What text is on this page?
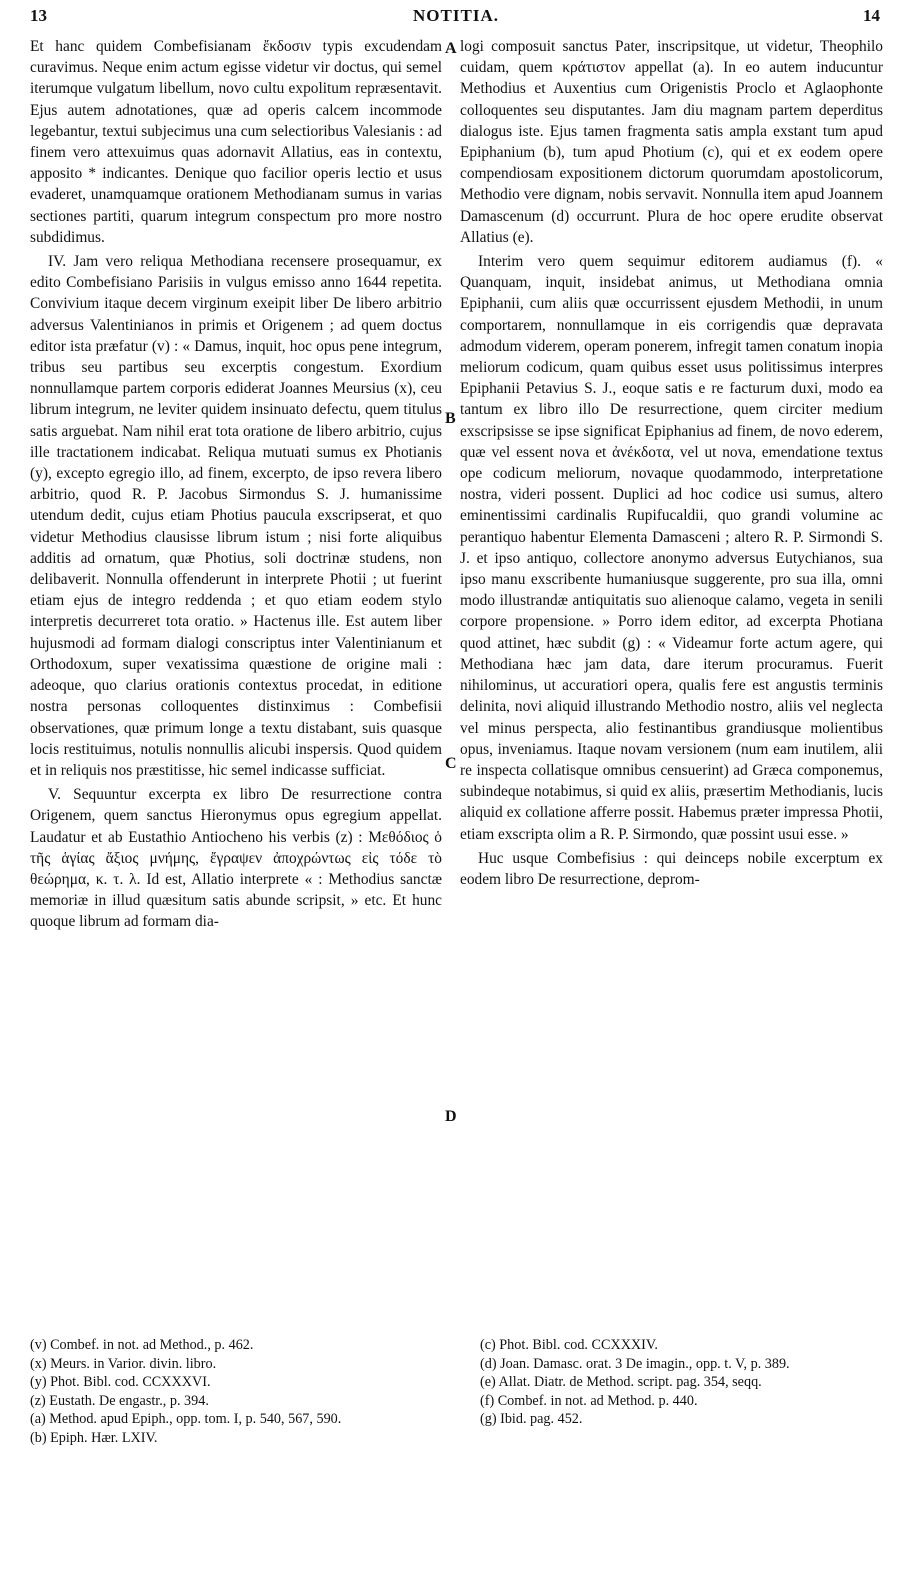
13	NOTITIA.	14

Et hanc quidem Combefisianam ἔκδοσιν typis excudendam curavimus. Neque enim actum egisse videtur vir doctus, qui semel iterumque vulgatum libellum, novo cultu expolitum repræsentavit. Ejus autem adnotationes, quæ ad operis calcem incommode legebantur, textui subjecimus una cum selectioribus Valesianis : ad finem vero attexuimus quas adornavit Allatius, eas in contextu, apposito * indicantes. Denique quo facilior operis lectio et usus evaderet, unamquamque orationem Methodianam sumus in varias sectiones partiti, quarum integrum conspectum pro more nostro subdidimus.

IV. Jam vero reliqua Methodiana recensere prosequamur, ex edito Combefisiano Parisiis in vulgus emisso anno 1644 repetita. Convivium itaque decem virginum exeipit liber De libero arbitrio adversus Valentinianos in primis et Origenem ; ad quem doctus editor ista præfatur (v) : « Damus, inquit, hoc opus pene integrum, tribus seu partibus seu excerptis congestum. Exordium nonnullamque partem corporis ediderat Joannes Meursius (x), ceu librum integrum, ne leviter quidem insinuato defectu, quem titulus satis arguebat. Nam nihil erat tota oratione de libero arbitrio, cujus ille tractationem indicabat. Reliqua mutuati sumus ex Photianis (y), excepto egregio illo, ad finem, excerpto, de ipso revera libero arbitrio, quod R. P. Jacobus Sirmondus S. J. humanissime utendum dedit, cujus etiam Photius paucula exscripserat, et quo videtur Methodius clausisse librum istum ; nisi forte aliquibus additis ad ornatum, quæ Photius, soli doctrinæ studens, non delibaverit. Nonnulla offenderunt in interprete Photii ; ut fuerint etiam ejus de integro reddenda ; et quo etiam eodem stylo interpretis decurreret tota oratio. » Hactenus ille. Est autem liber hujusmodi ad formam dialogi conscriptus inter Valentinianum et Orthodoxum, super vexatissima quæstione de origine mali : adeoque, quo clarius orationis contextus procedat, in editione nostra personas colloquentes distinximus : Combefisii observationes, quæ primum longe a textu distabant, suis quasque locis restituimus, notulis nonnullis alicubi inspersis. Quod quidem et in reliquis nos præstitisse, hic semel indicasse sufficiat.

V. Sequuntur excerpta ex libro De resurrectione contra Origenem, quem sanctus Hieronymus opus egregium appellat. Laudatur et ab Eustathio Antiocheno his verbis (z) : Μεθόδιος ὁ τῆς ἁγίας ἄξιος μνήμης, ἔγραψεν ἀποχρώντως εἰς τόδε τὸ θεώρημα, κ. τ. λ. Id est, Allatio interprete « : Methodius sanctæ memoriæ in illud quæsitum satis abunde scripsit, » etc. Et hunc quoque librum ad formam dia-

logi composuit sanctus Pater, inscripsitque, ut videtur, Theophilo cuidam, quem κράτιστον appellat (a). In eo autem inducuntur Methodius et Auxentius cum Origenistis Proclo et Aglaophonte colloquentes seu disputantes. Jam diu magnam partem deperditus dialogus iste. Ejus tamen fragmenta satis ampla exstant tum apud Epiphanium (b), tum apud Photium (c), qui et ex eodem opere compendiosam expositionem dictorum quorumdam apostolicorum, Methodio vere dignam, nobis servavit. Nonnulla item apud Joannem Damascenum (d) occurrunt. Plura de hoc opere erudite observat Allatius (e).

Interim vero quem sequimur editorem audiamus (f). « Quanquam, inquit, insidebat animus, ut Methodiana omnia Epiphanii, cum aliis quæ occurrissent ejusdem Methodii, in unum comportarem, nonnullamque in eis corrigendis quæ depravata admodum viderem, operam ponerem, infregit tamen conatum inopia meliorum codicum, quam quibus esset usus politissimus interpres Epiphanii Petavius S. J., eoque satis e re facturum duxi, modo ea tantum ex libro illo De resurrectione, quem circiter medium exscripsisse se ipse significat Epiphanius ad finem, de novo ederem, quæ vel essent nova et ἀνέκδοτα, vel ut nova, emendatione textus ope codicum meliorum, novaque quodammodo, interpretatione nostra, videri possent. Duplici ad hoc codice usi sumus, altero eminentissimi cardinalis Rupifucaldii, quo grandi volumine ac perantiquo habentur Elementa Damasceni ; altero R. P. Sirmondi S. J. et ipso antiquo, collectore anonymo adversus Eutychianos, sua ipso manu exscribente humaniusque suggerente, pro sua illa, omni modo illustrandæ antiquitatis suo alienoque calamo, vegeta in senili corpore propensione. » Porro idem editor, ad excerpta Photiana quod attinet, hæc subdit (g) : « Videamur forte actum agere, qui Methodiana hæc jam data, dare iterum procuramus. Fuerit nihilominus, ut accuratiori opera, qualis fere est angustis terminis delinita, novi aliquid illustrando Methodio nostro, aliis vel neglecta vel minus perspecta, alio festinantibus grandiusque molientibus opus, inveniamus. Itaque novam versionem (num eam inutilem, alii re inspecta collatisque omnibus censuerint) ad Græca componemus, subindeque notabimus, si quid ex aliis, præsertim Methodianis, lucis aliquid ex collatione afferre possit. Habemus præter impressa Photii, etiam exscripta olim a R. P. Sirmondo, quæ possint usui esse. »

Huc usque Combefisius : qui deinceps nobile excerptum ex eodem libro De resurrectione, deprom-

A
B
C
D
(v) Combef. in not. ad Method., p. 462.
(x) Meurs. in Varior. divin. libro.
(y) Phot. Bibl. cod. CCXXXVI.
(z) Eustath. De engastr., p. 394.
(a) Method. apud Epiph., opp. tom. I, p. 540, 567, 590.
(b) Epiph. Hær. LXIV.
(c) Phot. Bibl. cod. CCXXXIV.
(d) Joan. Damasc. orat. 3 De imagin., opp. t. V, p. 389.
(e) Allat. Diatr. de Method. script. pag. 354, seqq.
(f) Combef. in not. ad Method. p. 440.
(g) Ibid. pag. 452.
